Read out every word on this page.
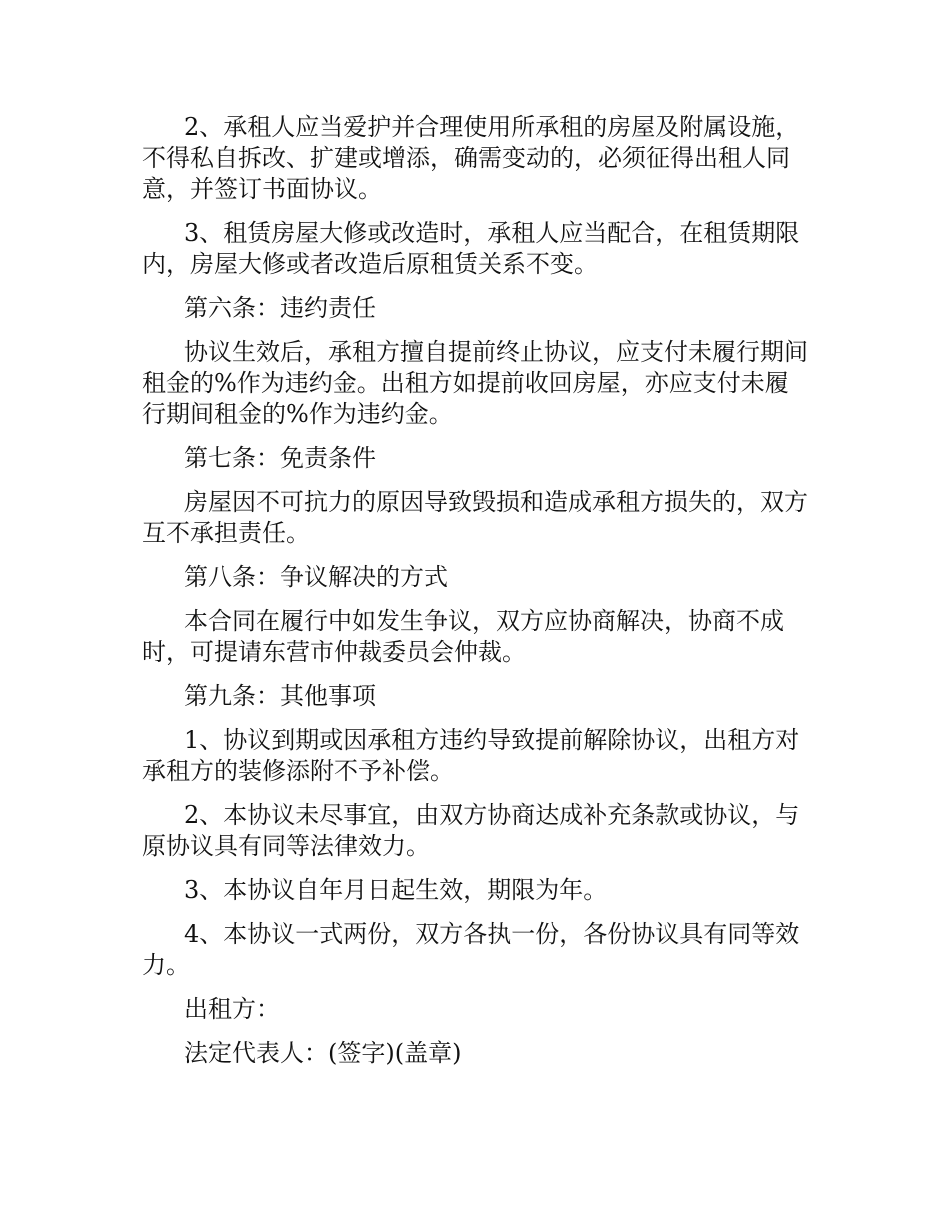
2、承租人应当爱护并合理使用所承租的房屋及附属设施，不得私自拆改、扩建或增添，确需变动的，必须征得出租人同意，并签订书面协议。

3、租赁房屋大修或改造时，承租人应当配合，在租赁期限内，房屋大修或者改造后原租赁关系不变。

第六条：违约责任

协议生效后，承租方擅自提前终止协议，应支付未履行期间租金的%作为违约金。出租方如提前收回房屋，亦应支付未履行期间租金的%作为违约金。

第七条：免责条件

房屋因不可抗力的原因导致毁损和造成承租方损失的，双方互不承担责任。

第八条：争议解决的方式

本合同在履行中如发生争议，双方应协商解决，协商不成时，可提请东营市仲裁委员会仲裁。

第九条：其他事项

1、协议到期或因承租方违约导致提前解除协议，出租方对承租方的装修添附不予补偿。

2、本协议未尽事宜，由双方协商达成补充条款或协议，与原协议具有同等法律效力。

3、本协议自年月日起生效，期限为年。

4、本协议一式两份，双方各执一份，各份协议具有同等效力。

出租方：

法定代表人：(签字)(盖章)
